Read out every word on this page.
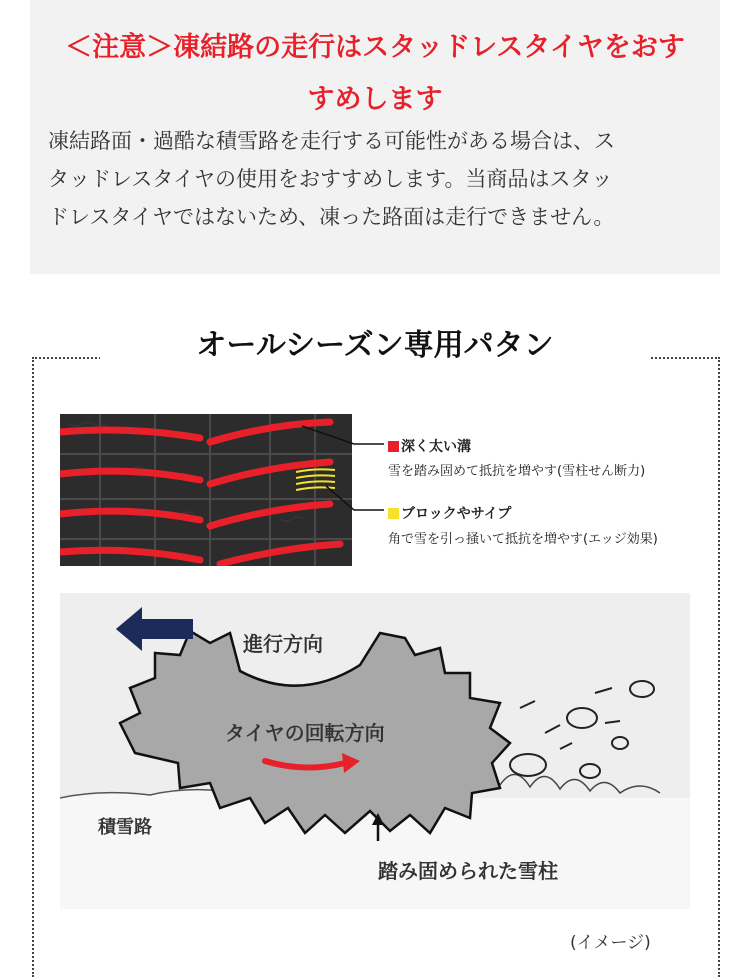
＜注意＞凍結路の走行はスタッドレスタイヤをおす
すめします
凍結路面・過酷な積雪路を走行する可能性がある場合は、ス
タッドレスタイヤの使用をおすすめします。当商品はスタッ
ドレスタイヤではないため、凍った路面は走行できません。
オールシーズン専用パタン
深く太い溝
雪を踏み固めて抵抗を増やす(雪柱せん断力)
ブロックやサイプ
角で雪を引っ掻いて抵抗を増やす(エッジ効果)
進行方向
タイヤの回転方向
積雪路
踏み固められた雪柱
(イメージ)
